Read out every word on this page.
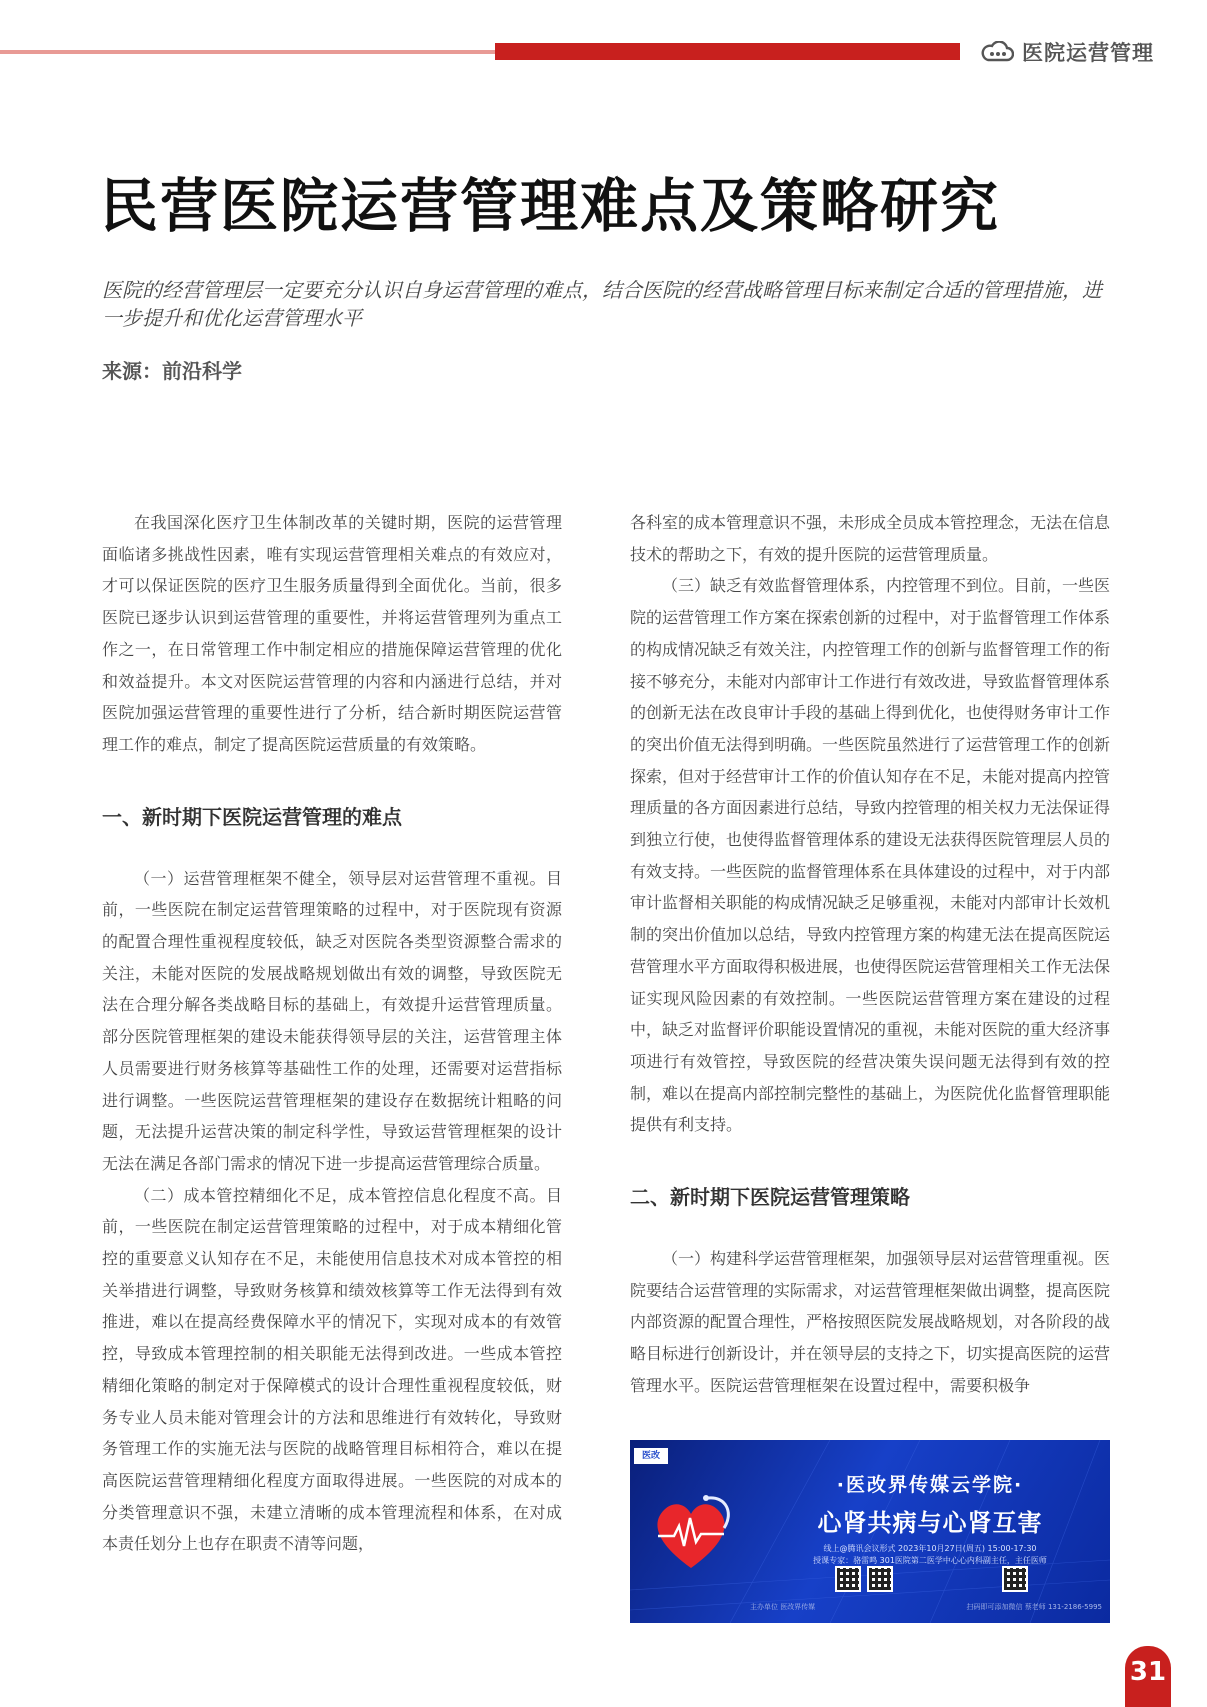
医院运营管理
民营医院运营管理难点及策略研究

医院的经营管理层一定要充分认识自身运营管理的难点，结合医院的经营战略管理目标来制定合适的管理措施，进一步提升和优化运营管理水平

来源：前沿科学

在我国深化医疗卫生体制改革的关键时期，医院的运营管理面临诸多挑战性因素，唯有实现运营管理相关难点的有效应对，才可以保证医院的医疗卫生服务质量得到全面优化。当前，很多医院已逐步认识到运营管理的重要性，并将运营管理列为重点工作之一，在日常管理工作中制定相应的措施保障运营管理的优化和效益提升。本文对医院运营管理的内容和内涵进行总结，并对医院加强运营管理的重要性进行了分析，结合新时期医院运营管理工作的难点，制定了提高医院运营质量的有效策略。

一、新时期下医院运营管理的难点

（一）运营管理框架不健全，领导层对运营管理不重视。目前，一些医院在制定运营管理策略的过程中，对于医院现有资源的配置合理性重视程度较低，缺乏对医院各类型资源整合需求的关注，未能对医院的发展战略规划做出有效的调整，导致医院无法在合理分解各类战略目标的基础上，有效提升运营管理质量。部分医院管理框架的建设未能获得领导层的关注，运营管理主体人员需要进行财务核算等基础性工作的处理，还需要对运营指标进行调整。一些医院运营管理框架的建设存在数据统计粗略的问题，无法提升运营决策的制定科学性，导致运营管理框架的设计无法在满足各部门需求的情况下进一步提高运营管理综合质量。

（二）成本管控精细化不足，成本管控信息化程度不高。目前，一些医院在制定运营管理策略的过程中，对于成本精细化管控的重要意义认知存在不足，未能使用信息技术对成本管控的相关举措进行调整，导致财务核算和绩效核算等工作无法得到有效推进，难以在提高经费保障水平的情况下，实现对成本的有效管控，导致成本管理控制的相关职能无法得到改进。一些成本管控精细化策略的制定对于保障模式的设计合理性重视程度较低，财务专业人员未能对管理会计的方法和思维进行有效转化，导致财务管理工作的实施无法与医院的战略管理目标相符合，难以在提高医院运营管理精细化程度方面取得进展。一些医院的对成本的分类管理意识不强，未建立清晰的成本管理流程和体系，在对成本责任划分上也存在职责不清等问题，

各科室的成本管理意识不强，未形成全员成本管控理念，无法在信息技术的帮助之下，有效的提升医院的运营管理质量。

（三）缺乏有效监督管理体系，内控管理不到位。目前，一些医院的运营管理工作方案在探索创新的过程中，对于监督管理工作体系的构成情况缺乏有效关注，内控管理工作的创新与监督管理工作的衔接不够充分，未能对内部审计工作进行有效改进，导致监督管理体系的创新无法在改良审计手段的基础上得到优化，也使得财务审计工作的突出价值无法得到明确。一些医院虽然进行了运营管理工作的创新探索，但对于经营审计工作的价值认知存在不足，未能对提高内控管理质量的各方面因素进行总结，导致内控管理的相关权力无法保证得到独立行使，也使得监督管理体系的建设无法获得医院管理层人员的有效支持。一些医院的监督管理体系在具体建设的过程中，对于内部审计监督相关职能的构成情况缺乏足够重视，未能对内部审计长效机制的突出价值加以总结，导致内控管理方案的构建无法在提高医院运营管理水平方面取得积极进展，也使得医院运营管理相关工作无法保证实现风险因素的有效控制。一些医院运营管理方案在建设的过程中，缺乏对监督评价职能设置情况的重视，未能对医院的重大经济事项进行有效管控，导致医院的经营决策失误问题无法得到有效的控制，难以在提高内部控制完整性的基础上，为医院优化监督管理职能提供有利支持。

二、新时期下医院运营管理策略

（一）构建科学运营管理框架，加强领导层对运营管理重视。医院要结合运营管理的实际需求，对运营管理框架做出调整，提高医院内部资源的配置合理性，严格按照医院发展战略规划，对各阶段的战略目标进行创新设计，并在领导层的支持之下，切实提高医院的运营管理水平。医院运营管理框架在设置过程中，需要积极争

医改
·医改界传媒云学院·
心肾共病与心肾互害
线上@腾讯会议形式 2023年10月27日(周五) 15:00-17:30
授课专家：骆雷鸣 301医院第二医学中心心内科副主任，主任医师
主办单位 医改界传媒	扫码即可添加微信 蔡老师 131-2186-5995
31
